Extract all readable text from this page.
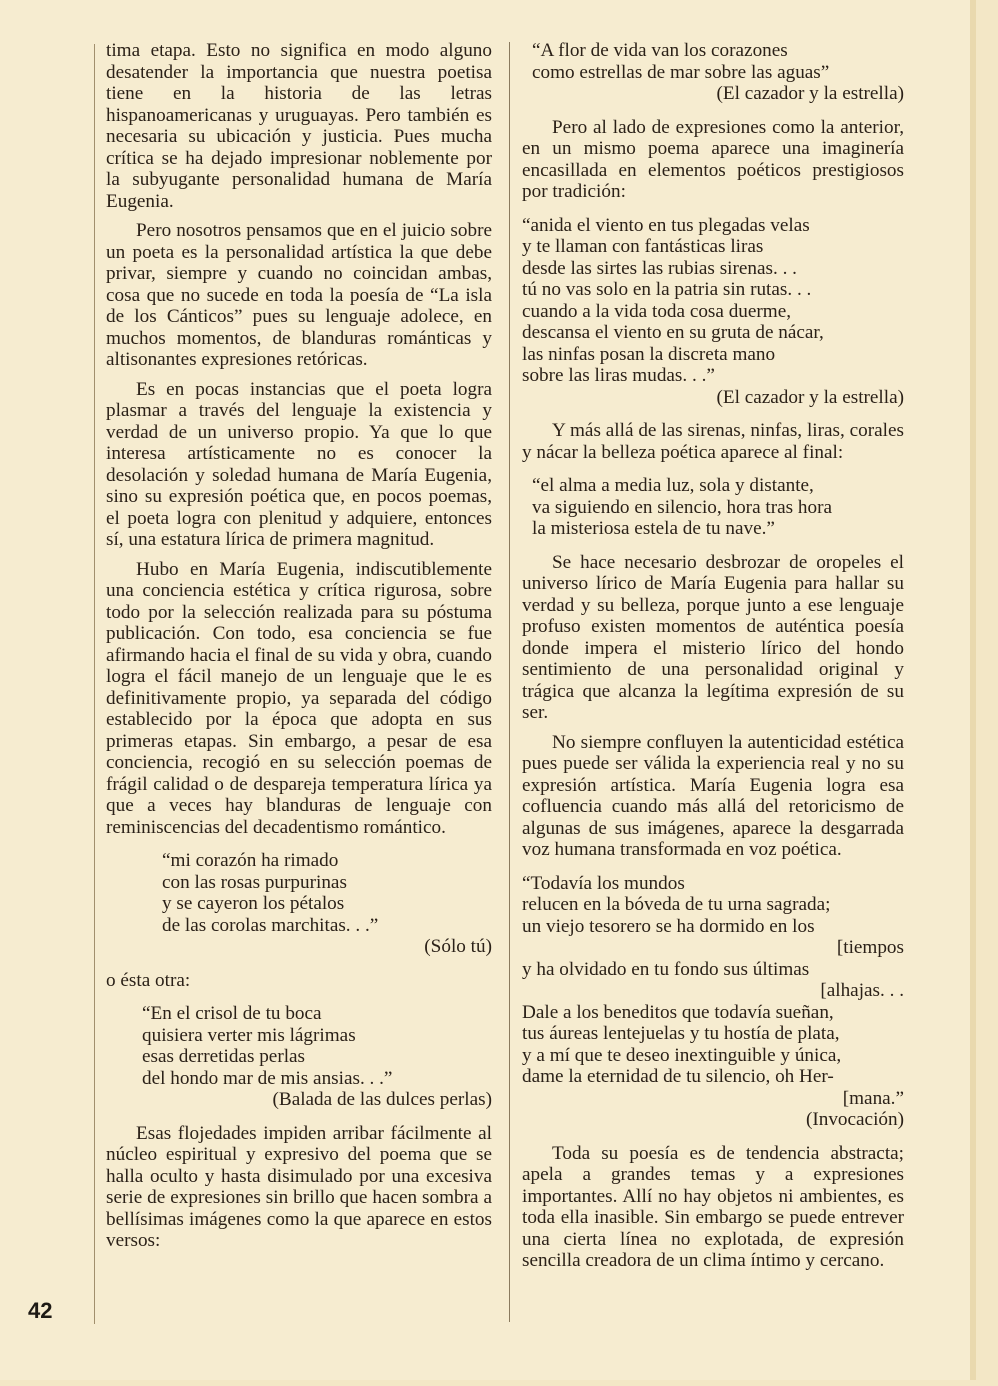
tima etapa. Esto no significa en modo alguno desatender la importancia que nuestra poetisa tiene en la historia de las letras hispanoamericanas y uruguayas. Pero también es necesaria su ubicación y justicia. Pues mucha crítica se ha dejado impresionar noblemente por la subyugante personalidad humana de María Eugenia.

Pero nosotros pensamos que en el juicio sobre un poeta es la personalidad artística la que debe privar, siempre y cuando no coincidan ambas, cosa que no sucede en toda la poesía de “La isla de los Cánticos” pues su lenguaje adolece, en muchos momentos, de blanduras románticas y altisonantes expresiones retóricas.

Es en pocas instancias que el poeta logra plasmar a través del lenguaje la existencia y verdad de un universo propio. Ya que lo que interesa artísticamente no es conocer la desolación y soledad humana de María Eugenia, sino su expresión poética que, en pocos poemas, el poeta logra con plenitud y adquiere, entonces sí, una estatura lírica de primera magnitud.

Hubo en María Eugenia, indiscutiblemente una conciencia estética y crítica rigurosa, sobre todo por la selección realizada para su póstuma publicación. Con todo, esa conciencia se fue afirmando hacia el final de su vida y obra, cuando logra el fácil manejo de un lenguaje que le es definitivamente propio, ya separada del código establecido por la época que adopta en sus primeras etapas. Sin embargo, a pesar de esa conciencia, recogió en su selección poemas de frágil calidad o de despareja temperatura lírica ya que a veces hay blanduras de lenguaje con reminiscencias del decadentismo romántico.

“mi corazón ha rimado
con las rosas purpurinas
y se cayeron los pétalos
de las corolas marchitas. . .”
(Sólo tú)

o ésta otra:

“En el crisol de tu boca
quisiera verter mis lágrimas
esas derretidas perlas
del hondo mar de mis ansias. . .”
(Balada de las dulces perlas)

Esas flojedades impiden arribar fácilmente al núcleo espiritual y expresivo del poema que se halla oculto y hasta disimulado por una excesiva serie de expresiones sin brillo que hacen sombra a bellísimas imágenes como la que aparece en estos versos:

“A flor de vida van los corazones
como estrellas de mar sobre las aguas”
(El cazador y la estrella)

Pero al lado de expresiones como la anterior, en un mismo poema aparece una imaginería encasillada en elementos poéticos prestigiosos por tradición:

“anida el viento en tus plegadas velas
y te llaman con fantásticas liras
desde las sirtes las rubias sirenas. . .
tú no vas solo en la patria sin rutas. . .
cuando a la vida toda cosa duerme,
descansa el viento en su gruta de nácar,
las ninfas posan la discreta mano
sobre las liras mudas. . .”
(El cazador y la estrella)

Y más allá de las sirenas, ninfas, liras, corales y nácar la belleza poética aparece al final:

“el alma a media luz, sola y distante,
va siguiendo en silencio, hora tras hora
la misteriosa estela de tu nave.”

Se hace necesario desbrozar de oropeles el universo lírico de María Eugenia para hallar su verdad y su belleza, porque junto a ese lenguaje profuso existen momentos de auténtica poesía donde impera el misterio lírico del hondo sentimiento de una personalidad original y trágica que alcanza la legítima expresión de su ser.

No siempre confluyen la autenticidad estética pues puede ser válida la experiencia real y no su expresión artística. María Eugenia logra esa cofluencia cuando más allá del retoricismo de algunas de sus imágenes, aparece la desgarrada voz humana transformada en voz poética.

“Todavía los mundos
relucen en la bóveda de tu urna sagrada;
un viejo tesorero se ha dormido en los
[tiempos
y ha olvidado en tu fondo sus últimas
[alhajas. . .
Dale a los beneditos que todavía sueñan,
tus áureas lentejuelas y tu hostía de plata,
y a mí que te deseo inextinguible y única,
dame la eternidad de tu silencio, oh Her-
[mana.”
(Invocación)

Toda su poesía es de tendencia abstracta; apela a grandes temas y a expresiones importantes. Allí no hay objetos ni ambientes, es toda ella inasible. Sin embargo se puede entrever una cierta línea no explotada, de expresión sencilla creadora de un clima íntimo y cercano.

42
